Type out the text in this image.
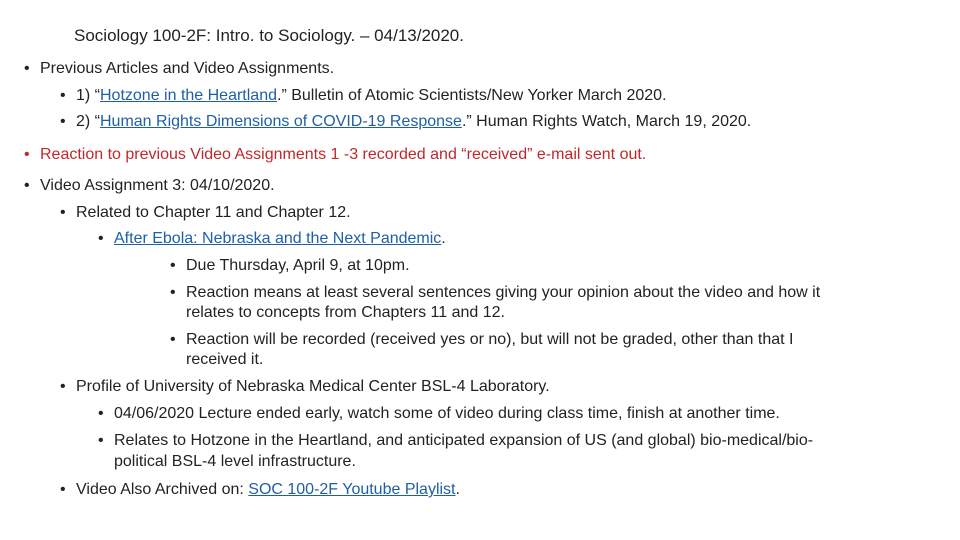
Sociology 100-2F: Intro. to Sociology. – 04/13/2020.
• Previous Articles and Video Assignments.
• 1) “Hotzone in the Heartland.” Bulletin of Atomic Scientists/New Yorker March 2020.
• 2) “Human Rights Dimensions of COVID-19 Response.” Human Rights Watch, March 19, 2020.
• Reaction to previous Video Assignments 1 -3 recorded and “received” e-mail sent out.
• Video Assignment 3: 04/10/2020.
• Related to Chapter 11 and Chapter 12.
• After Ebola: Nebraska and the Next Pandemic.
• Due Thursday, April 9, at 10pm.
• Reaction means at least several sentences giving your opinion about the video and how it
relates to concepts from Chapters 11 and 12.
• Reaction will be recorded (received yes or no), but will not be graded, other than that I
received it.
• Profile of University of Nebraska Medical Center BSL-4 Laboratory.
• 04/06/2020 Lecture ended early, watch some of video during class time, finish at another time.
• Relates to Hotzone in the Heartland, and anticipated expansion of US (and global) bio-medical/bio-
political BSL-4 level infrastructure.
• Video Also Archived on: SOC 100-2F Youtube Playlist.
